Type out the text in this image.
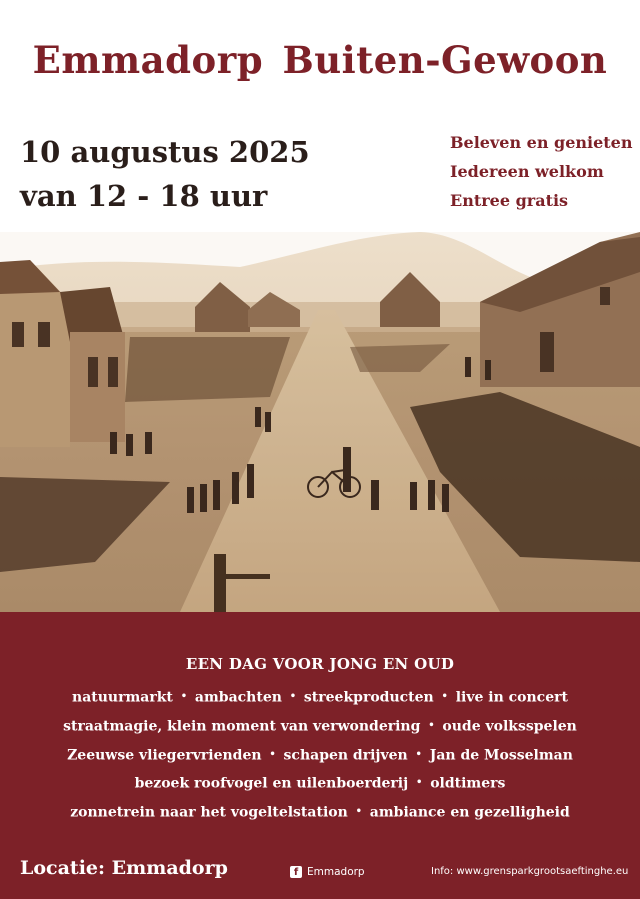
Emmadorp Buiten-Gewoon
10 augustus 2025
van 12 - 18 uur
Beleven en genieten
Iedereen welkom
Entree gratis
EEN DAG VOOR JONG EN OUD
natuurmarkt • ambachten • streekproducten • live in concert
straatmagie, klein moment van verwondering • oude volksspelen
Zeeuwse vliegervrienden • schapen drijven • Jan de Mosselman
bezoek roofvogel en uilenboerderij • oldtimers
zonnetrein naar het vogeltelstation • ambiance en gezelligheid
Locatie: Emmadorp	f Emmadorp	Info: www.grensparkgrootsaeftinghe.eu
